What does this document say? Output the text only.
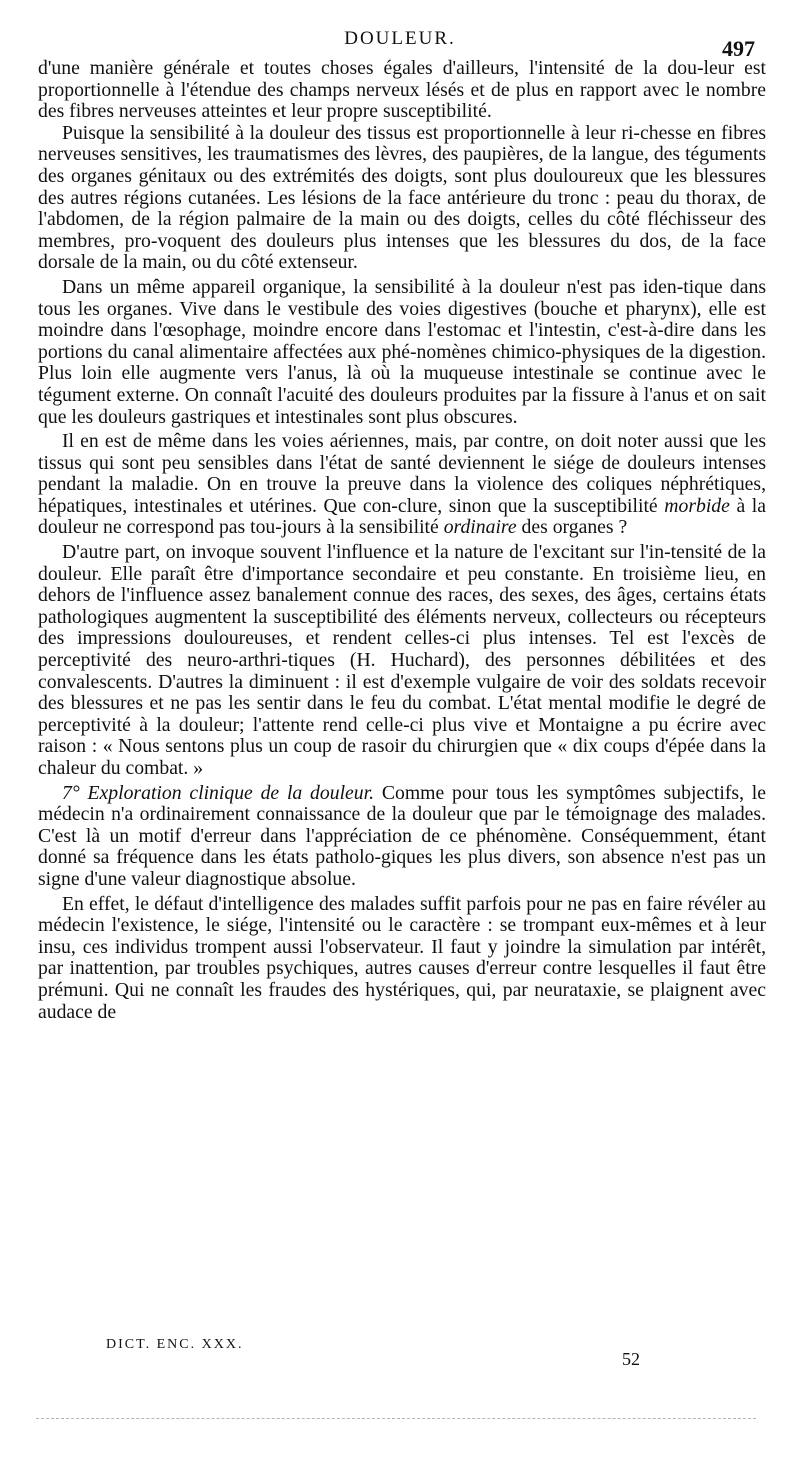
DOULEUR.	497

d'une manière générale et toutes choses égales d'ailleurs, l'intensité de la dou-leur est proportionnelle à l'étendue des champs nerveux lésés et de plus en rapport avec le nombre des fibres nerveuses atteintes et leur propre susceptibilité.

Puisque la sensibilité à la douleur des tissus est proportionnelle à leur ri-chesse en fibres nerveuses sensitives, les traumatismes des lèvres, des paupières, de la langue, des téguments des organes génitaux ou des extrémités des doigts, sont plus douloureux que les blessures des autres régions cutanées. Les lésions de la face antérieure du tronc : peau du thorax, de l'abdomen, de la région palmaire de la main ou des doigts, celles du côté fléchisseur des membres, pro-voquent des douleurs plus intenses que les blessures du dos, de la face dorsale de la main, ou du côté extenseur.

Dans un même appareil organique, la sensibilité à la douleur n'est pas iden-tique dans tous les organes. Vive dans le vestibule des voies digestives (bouche et pharynx), elle est moindre dans l'œsophage, moindre encore dans l'estomac et l'intestin, c'est-à-dire dans les portions du canal alimentaire affectées aux phé-nomènes chimico-physiques de la digestion. Plus loin elle augmente vers l'anus, là où la muqueuse intestinale se continue avec le tégument externe. On connaît l'acuité des douleurs produites par la fissure à l'anus et on sait que les douleurs gastriques et intestinales sont plus obscures.

Il en est de même dans les voies aériennes, mais, par contre, on doit noter aussi que les tissus qui sont peu sensibles dans l'état de santé deviennent le siége de douleurs intenses pendant la maladie. On en trouve la preuve dans la violence des coliques néphrétiques, hépatiques, intestinales et utérines. Que con-clure, sinon que la susceptibilité morbide à la douleur ne correspond pas tou-jours à la sensibilité ordinaire des organes ?

D'autre part, on invoque souvent l'influence et la nature de l'excitant sur l'in-tensité de la douleur. Elle paraît être d'importance secondaire et peu constante. En troisième lieu, en dehors de l'influence assez banalement connue des races, des sexes, des âges, certains états pathologiques augmentent la susceptibilité des éléments nerveux, collecteurs ou récepteurs des impressions douloureuses, et rendent celles-ci plus intenses. Tel est l'excès de perceptivité des neuro-arthri-tiques (H. Huchard), des personnes débilitées et des convalescents. D'autres la diminuent : il est d'exemple vulgaire de voir des soldats recevoir des blessures et ne pas les sentir dans le feu du combat. L'état mental modifie le degré de perceptivité à la douleur; l'attente rend celle-ci plus vive et Montaigne a pu écrire avec raison : « Nous sentons plus un coup de rasoir du chirurgien que « dix coups d'épée dans la chaleur du combat. »

7° Exploration clinique de la douleur. Comme pour tous les symptômes subjectifs, le médecin n'a ordinairement connaissance de la douleur que par le témoignage des malades. C'est là un motif d'erreur dans l'appréciation de ce phénomène. Conséquemment, étant donné sa fréquence dans les états patholo-giques les plus divers, son absence n'est pas un signe d'une valeur diagnostique absolue.

En effet, le défaut d'intelligence des malades suffit parfois pour ne pas en faire révéler au médecin l'existence, le siége, l'intensité ou le caractère : se trompant eux-mêmes et à leur insu, ces individus trompent aussi l'observateur. Il faut y joindre la simulation par intérêt, par inattention, par troubles psychiques, autres causes d'erreur contre lesquelles il faut être prémuni. Qui ne connaît les fraudes des hystériques, qui, par neurataxie, se plaignent avec audace de

DICT. ENC. XXX.
52
